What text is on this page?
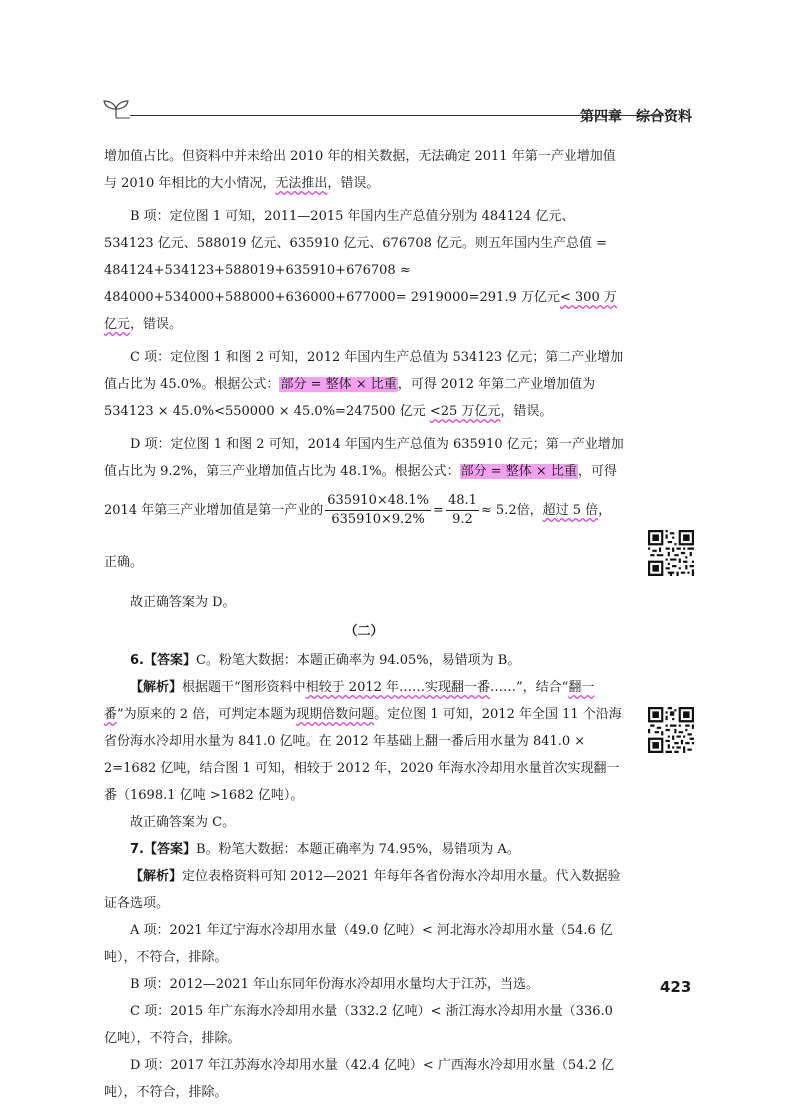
第四章　综合资料

增加值占比。但资料中并未给出 2010 年的相关数据，无法确定 2011 年第一产业增加值与 2010 年相比的大小情况，无法推出，错误。

B 项：定位图 1 可知，2011—2015 年国内生产总值分别为 484124 亿元、534123 亿元、588019 亿元、635910 亿元、676708 亿元。则五年国内生产总值 = 484124+534123+588019+635910+676708 ≈ 484000+534000+588000+636000+677000= 2919000=291.9 万亿元< 300 万亿元，错误。

C 项：定位图 1 和图 2 可知，2012 年国内生产总值为 534123 亿元；第二产业增加值占比为 45.0%。根据公式：部分 = 整体 × 比重，可得 2012 年第二产业增加值为 534123 × 45.0%<550000 × 45.0%=247500 亿元 <25 万亿元，错误。

D 项：定位图 1 和图 2 可知，2014 年国内生产总值为 635910 亿元；第一产业增加值占比为 9.2%，第三产业增加值占比为 48.1%。根据公式：部分 = 整体 × 比重，可得

2014 年第三产业增加值是第一产业的 $\frac{635910\times 48.1\%}{635910\times 9.2\%} = \frac{48.1}{9.2} \approx 5.2$倍，超过 5 倍，正确。

故正确答案为 D。

（二）

6.【答案】C。粉笔大数据：本题正确率为 94.05%，易错项为 B。

【解析】根据题干“图形资料中相较于 2012 年……实现翻一番……”，结合“翻一番”为原来的 2 倍，可判定本题为现期倍数问题。定位图 1 可知，2012 年全国 11 个沿海省份海水冷却用水量为 841.0 亿吨。在 2012 年基础上翻一番后用水量为 841.0 × 2=1682 亿吨，结合图 1 可知，相较于 2012 年，2020 年海水冷却用水量首次实现翻一番（1698.1 亿吨 >1682 亿吨）。

故正确答案为 C。

7.【答案】B。粉笔大数据：本题正确率为 74.95%，易错项为 A。

【解析】定位表格资料可知 2012—2021 年每年各省份海水冷却用水量。代入数据验证各选项。

A 项：2021 年辽宁海水冷却用水量（49.0 亿吨）< 河北海水冷却用水量（54.6 亿吨），不符合，排除。

B 项：2012—2021 年山东同年份海水冷却用水量均大于江苏，当选。

C 项：2015 年广东海水冷却用水量（332.2 亿吨）< 浙江海水冷却用水量（336.0 亿吨），不符合，排除。

D 项：2017 年江苏海水冷却用水量（42.4 亿吨）< 广西海水冷却用水量（54.2 亿吨），不符合，排除。

423
